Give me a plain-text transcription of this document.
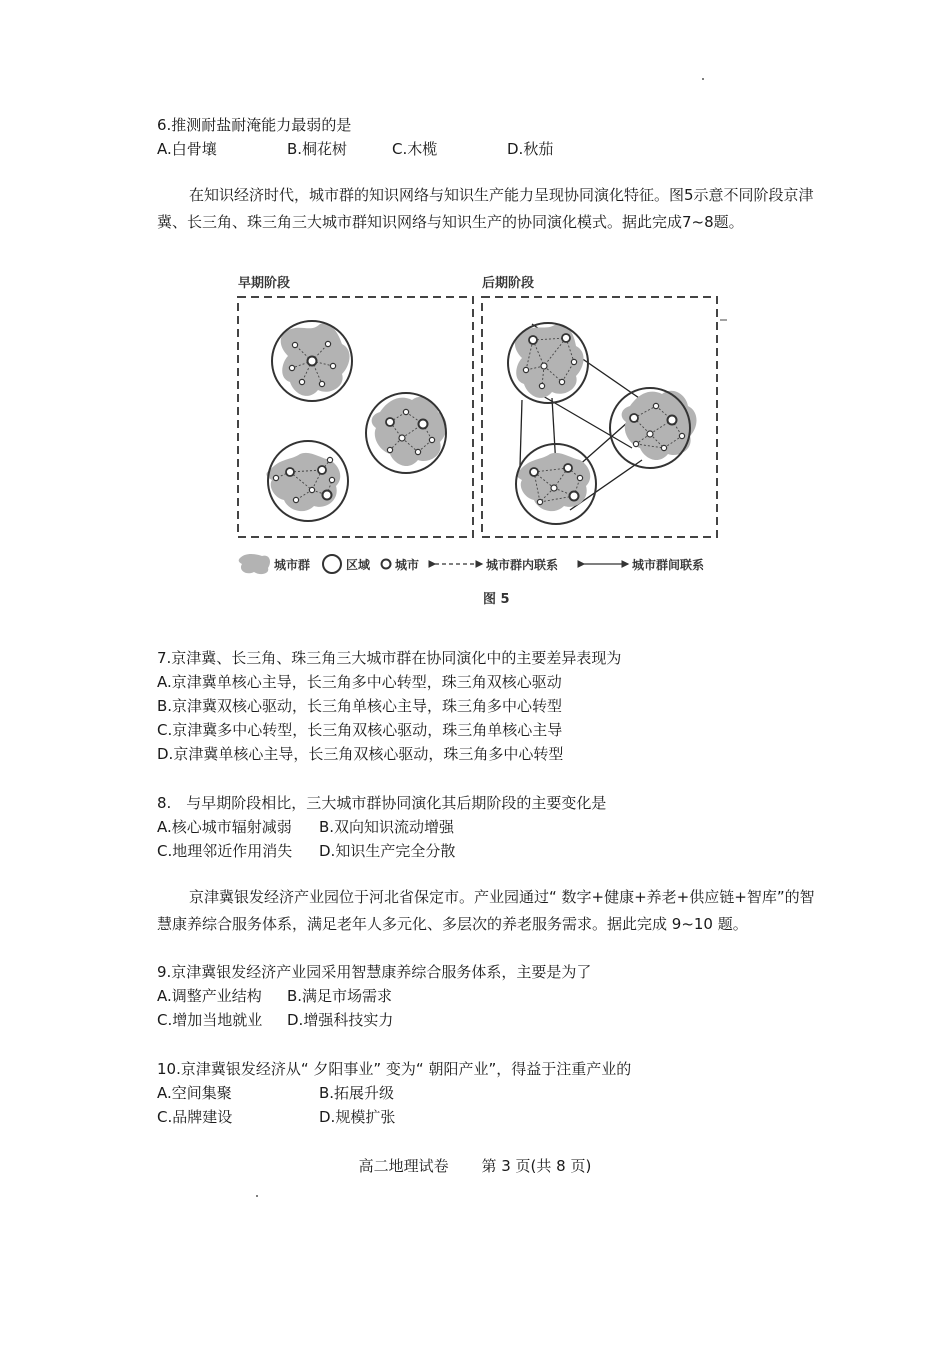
6.推测耐盐耐淹能力最弱的是
A.白骨壤	B.桐花树	C.木榄	D.秋茄
在知识经济时代，城市群的知识网络与知识生产能力呈现协同演化特征。图5示意不同阶段京津冀、长三角、珠三角三大城市群知识网络与知识生产的协同演化模式。据此完成7~8题。
早期阶段	后期阶段
城市群	区域 城市	城市群内联系	城市群间联系
图 5
7.京津冀、长三角、珠三角三大城市群在协同演化中的主要差异表现为
A.京津冀单核心主导，长三角多中心转型，珠三角双核心驱动
B.京津冀双核心驱动，长三角单核心主导，珠三角多中心转型
C.京津冀多中心转型，长三角双核心驱动，珠三角单核心主导
D.京津冀单核心主导，长三角双核心驱动，珠三角多中心转型
8.　与早期阶段相比，三大城市群协同演化其后期阶段的主要变化是
A.核心城市辐射减弱 B.双向知识流动增强
C.地理邻近作用消失 D.知识生产完全分散
京津冀银发经济产业园位于河北省保定市。产业园通过“ 数字+健康+养老+供应链+智库”的智慧康养综合服务体系，满足老年人多元化、多层次的养老服务需求。据此完成 9~10 题。
9.京津冀银发经济产业园采用智慧康养综合服务体系，主要是为了
A.调整产业结构 B.满足市场需求
C.增加当地就业 D.增强科技实力
10.京津冀银发经济从“ 夕阳事业” 变为“ 朝阳产业”，得益于注重产业的
A.空间集聚	B.拓展升级
C.品牌建设	D.规模扩张
高二地理试卷 第 3 页(共 8 页)
